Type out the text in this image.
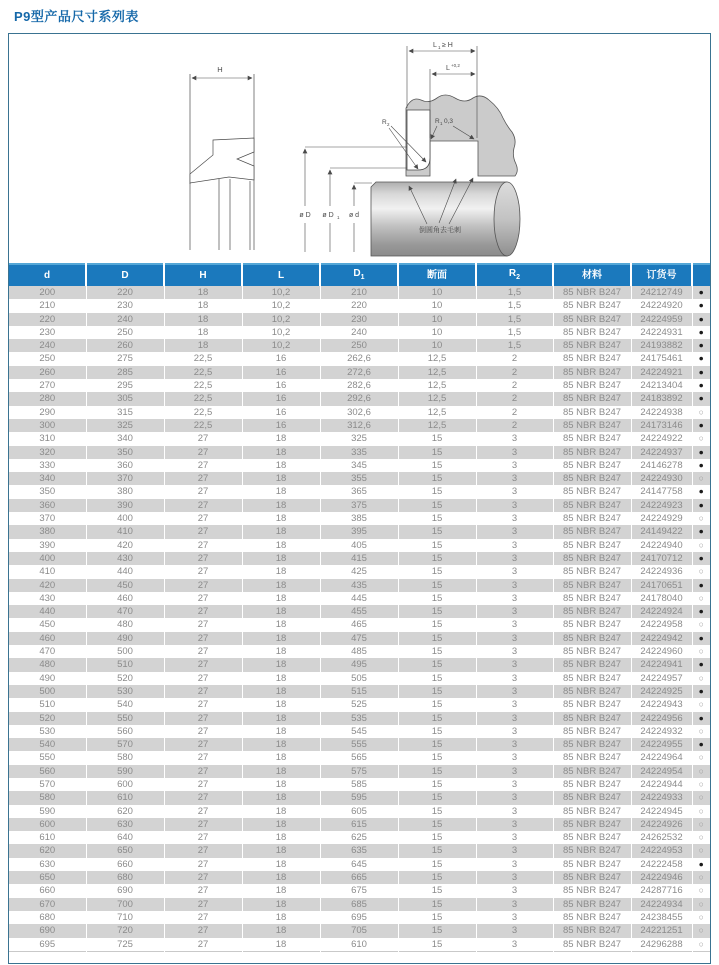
P9型产品尺寸系列表
H
L 1 ≥ H
L +0,2
R 1 0,3
R 2
ø D ø D 1 ø d
倒圆角去毛刺
d	D	H	L	$D_1$	断面	$R_2$	材料	订货号	
200	220	18	10,2	210	10	1,5	85 NBR B247	24212749	●
210	230	18	10,2	220	10	1,5	85 NBR B247	24224920	●
220	240	18	10,2	230	10	1,5	85 NBR B247	24224959	●
230	250	18	10,2	240	10	1,5	85 NBR B247	24224931	●
240	260	18	10,2	250	10	1,5	85 NBR B247	24193882	●
250	275	22,5	16	262,6	12,5	2	85 NBR B247	24175461	●
260	285	22,5	16	272,6	12,5	2	85 NBR B247	24224921	●
270	295	22,5	16	282,6	12,5	2	85 NBR B247	24213404	●
280	305	22,5	16	292,6	12,5	2	85 NBR B247	24183892	●
290	315	22,5	16	302,6	12,5	2	85 NBR B247	24224938	○
300	325	22,5	16	312,6	12,5	2	85 NBR B247	24173146	●
310	340	27	18	325	15	3	85 NBR B247	24224922	○
320	350	27	18	335	15	3	85 NBR B247	24224937	●
330	360	27	18	345	15	3	85 NBR B247	24146278	●
340	370	27	18	355	15	3	85 NBR B247	24224930	○
350	380	27	18	365	15	3	85 NBR B247	24147758	●
360	390	27	18	375	15	3	85 NBR B247	24224923	●
370	400	27	18	385	15	3	85 NBR B247	24224929	○
380	410	27	18	395	15	3	85 NBR B247	24149422	●
390	420	27	18	405	15	3	85 NBR B247	24224940	○
400	430	27	18	415	15	3	85 NBR B247	24170712	●
410	440	27	18	425	15	3	85 NBR B247	24224936	○
420	450	27	18	435	15	3	85 NBR B247	24170651	●
430	460	27	18	445	15	3	85 NBR B247	24178040	○
440	470	27	18	455	15	3	85 NBR B247	24224924	●
450	480	27	18	465	15	3	85 NBR B247	24224958	○
460	490	27	18	475	15	3	85 NBR B247	24224942	●
470	500	27	18	485	15	3	85 NBR B247	24224960	○
480	510	27	18	495	15	3	85 NBR B247	24224941	●
490	520	27	18	505	15	3	85 NBR B247	24224957	○
500	530	27	18	515	15	3	85 NBR B247	24224925	●
510	540	27	18	525	15	3	85 NBR B247	24224943	○
520	550	27	18	535	15	3	85 NBR B247	24224956	●
530	560	27	18	545	15	3	85 NBR B247	24224932	○
540	570	27	18	555	15	3	85 NBR B247	24224955	●
550	580	27	18	565	15	3	85 NBR B247	24224964	○
560	590	27	18	575	15	3	85 NBR B247	24224954	○
570	600	27	18	585	15	3	85 NBR B247	24224944	○
580	610	27	18	595	15	3	85 NBR B247	24224933	○
590	620	27	18	605	15	3	85 NBR B247	24224945	○
600	630	27	18	615	15	3	85 NBR B247	24224926	○
610	640	27	18	625	15	3	85 NBR B247	24262532	○
620	650	27	18	635	15	3	85 NBR B247	24224953	○
630	660	27	18	645	15	3	85 NBR B247	24222458	●
650	680	27	18	665	15	3	85 NBR B247	24224946	○
660	690	27	18	675	15	3	85 NBR B247	24287716	○
670	700	27	18	685	15	3	85 NBR B247	24224934	○
680	710	27	18	695	15	3	85 NBR B247	24238455	○
690	720	27	18	705	15	3	85 NBR B247	24221251	○
695	725	27	18	610	15	3	85 NBR B247	24296288	○
